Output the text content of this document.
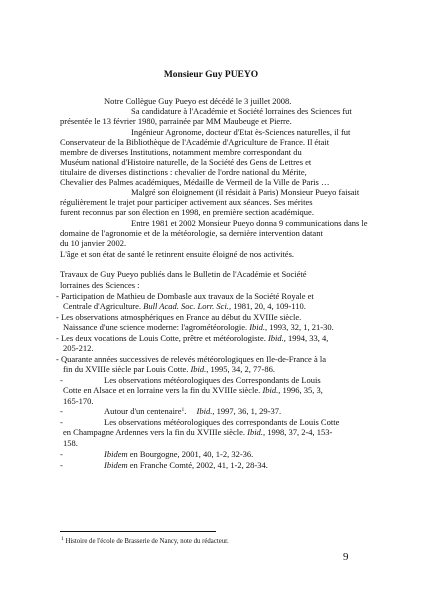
Monsieur Guy PUEYO
Notre Collègue Guy Pueyo est décédé le 3 juillet 2008.
Sa candidature à l'Académie et Société lorraines des Sciences fut
présentée le 13 février 1980, parrainée par MM Maubeuge et Pierre.
Ingénieur Agronome, docteur d'Etat ès-Sciences naturelles, il fut
Conservateur de la Bibliothèque de l'Académie d'Agriculture de France. Il était
membre de diverses Institutions, notamment membre correspondant du
Muséum national d'Histoire naturelle, de la Société des Gens de Lettres et
titulaire de diverses distinctions : chevalier de l'ordre national du Mérite,
Chevalier des Palmes académiques, Médaille de Vermeil de la Ville de Paris …
Malgré son éloignement (il résidait à Paris) Monsieur Pueyo faisait
régulièrement le trajet pour participer activement aux séances. Ses mérites
furent reconnus par son élection en 1998, en première section académique.
Entre 1981 et 2002 Monsieur Pueyo donna 9 communications dans le
domaine de l'agronomie et de la météorologie, sa dernière intervention datant
du 10 janvier 2002.
L'âge et son état de santé le retinrent ensuite éloigné de nos activités.
Travaux de Guy Pueyo publiés dans le Bulletin de l'Académie et Société
lorraines des Sciences :
- Participation de Mathieu de Dombasle aux travaux de la Société Royale et
Centrale d'Agriculture. Bull Acad. Soc. Lorr. Sci., 1981, 20, 4, 109-110.
- Les observations atmosphériques en France au début du XVIIIe siècle.
Naissance d'une science moderne: l'agrométéorologie. Ibid., 1993, 32, 1, 21-30.
- Les deux vocations de Louis Cotte, prêtre et météorologiste. Ibid., 1994, 33, 4,
205-212.
- Quarante années successives de relevés météorologiques en Ile-de-France à la
fin du XVIIIe siècle par Louis Cotte. Ibid., 1995, 34, 2, 77-86.
-	Les observations météorologiques des Correspondants de Louis
Cotte en Alsace et en lorraine vers la fin du XVIIIe siècle. Ibid., 1996, 35, 3,
165-170.
-	Autour d'un centenaire$^1$. Ibid., 1997, 36, 1, 29-37.
-	Les observations météorologiques des correspondants de Louis Cotte
en Champagne Ardennes vers la fin du XVIIIe siècle. Ibid., 1998, 37, 2-4, 153-
158.
-	Ibidem en Bourgogne, 2001, 40, 1-2, 32-36.
-	Ibidem en Franche Comté, 2002, 41, 1-2, 28-34.
$^1$ Histoire de l'école de Brasserie de Nancy, note du rédacteur.
9
